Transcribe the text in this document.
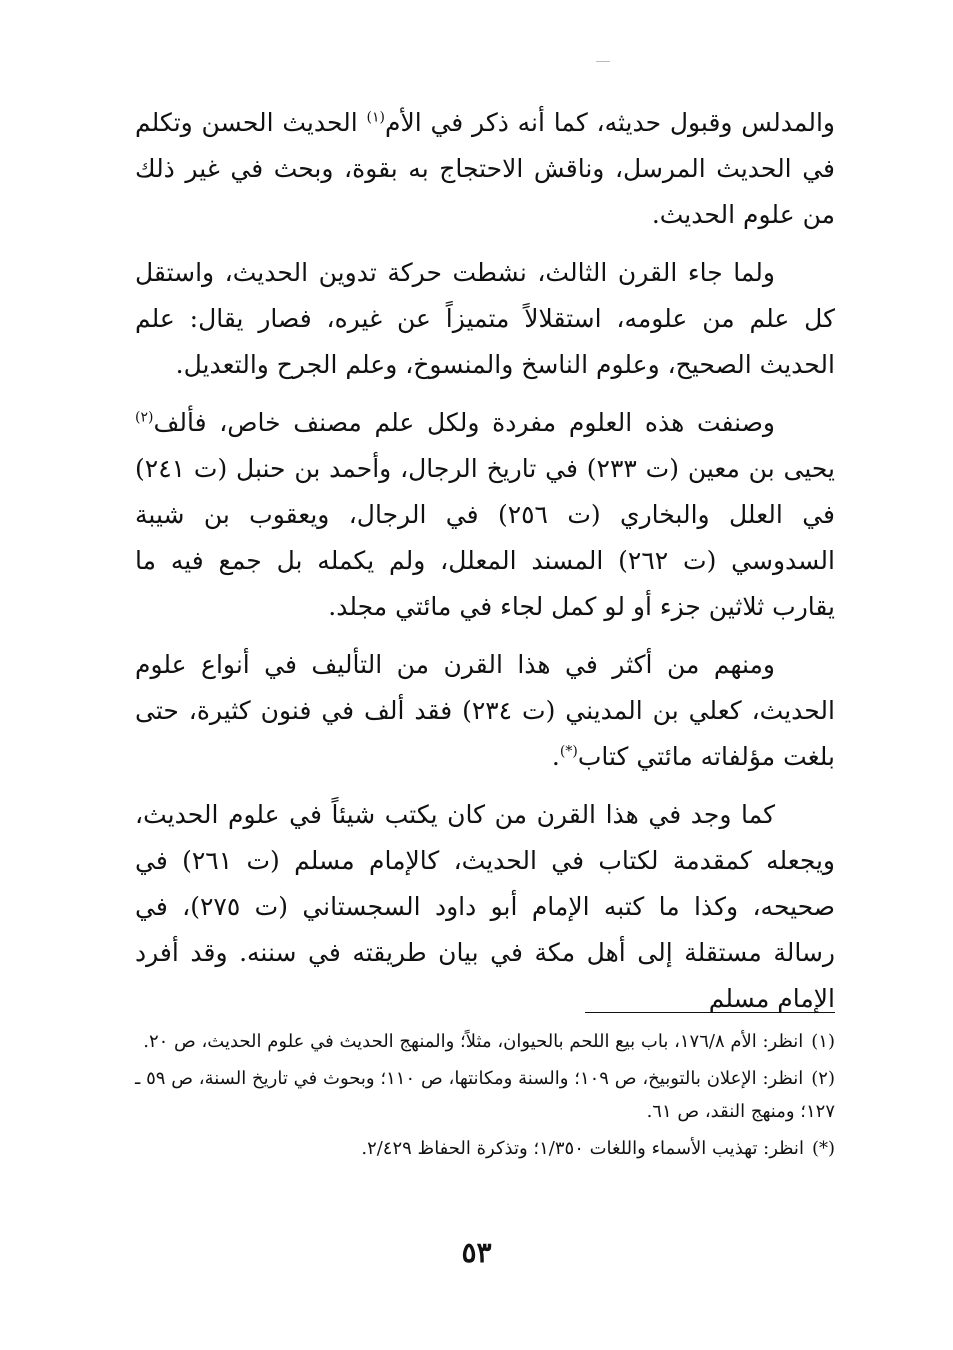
والمدلس وقبول حديثه، كما أنه ذكر في الأم$^{(١)}$ الحديث الحسن وتكلم في الحديث المرسل، وناقش الاحتجاج به بقوة، وبحث في غير ذلك من علوم الحديث.

ولما جاء القرن الثالث، نشطت حركة تدوين الحديث، واستقل كل علم من علومه، استقلالاً متميزاً عن غيره، فصار يقال: علم الحديث الصحيح، وعلوم الناسخ والمنسوخ، وعلم الجرح والتعديل.

وصنفت هذه العلوم مفردة ولكل علم مصنف خاص، فألف$^{(٢)}$ يحيى بن معين (ت ٢٣٣) في تاريخ الرجال، وأحمد بن حنبل (ت ٢٤١) في العلل والبخاري (ت ٢٥٦) في الرجال، ويعقوب بن شيبة السدوسي (ت ٢٦٢) المسند المعلل، ولم يكمله بل جمع فيه ما يقارب ثلاثين جزء أو لو كمل لجاء في مائتي مجلد.

ومنهم من أكثر في هذا القرن من التأليف في أنواع علوم الحديث، كعلي بن المديني (ت ٢٣٤) فقد ألف في فنون كثيرة، حتى بلغت مؤلفاته مائتي كتاب(*).

كما وجد في هذا القرن من كان يكتب شيئاً في علوم الحديث، ويجعله كمقدمة لكتاب في الحديث، كالإمام مسلم (ت ٢٦١) في صحيحه، وكذا ما كتبه الإمام أبو داود السجستاني (ت ٢٧٥)، في رسالة مستقلة إلى أهل مكة في بيان طريقته في سننه. وقد أفرد الإمام مسلم

(١)انظر: الأم ١٧٦/٨، باب بيع اللحم بالحيوان، مثلاً؛ والمنهج الحديث في علوم الحديث، ص ٢٠.

(٢)انظر: الإعلان بالتوبيخ، ص ١٠٩؛ والسنة ومكانتها، ص ١١٠؛ وبحوث في تاريخ السنة، ص ٥٩ ـ ١٢٧؛ ومنهج النقد، ص ٦١.

(*)انظر: تهذيب الأسماء واللغات ١/٣٥٠؛ وتذكرة الحفاظ ٢/٤٢٩.

٥٣
